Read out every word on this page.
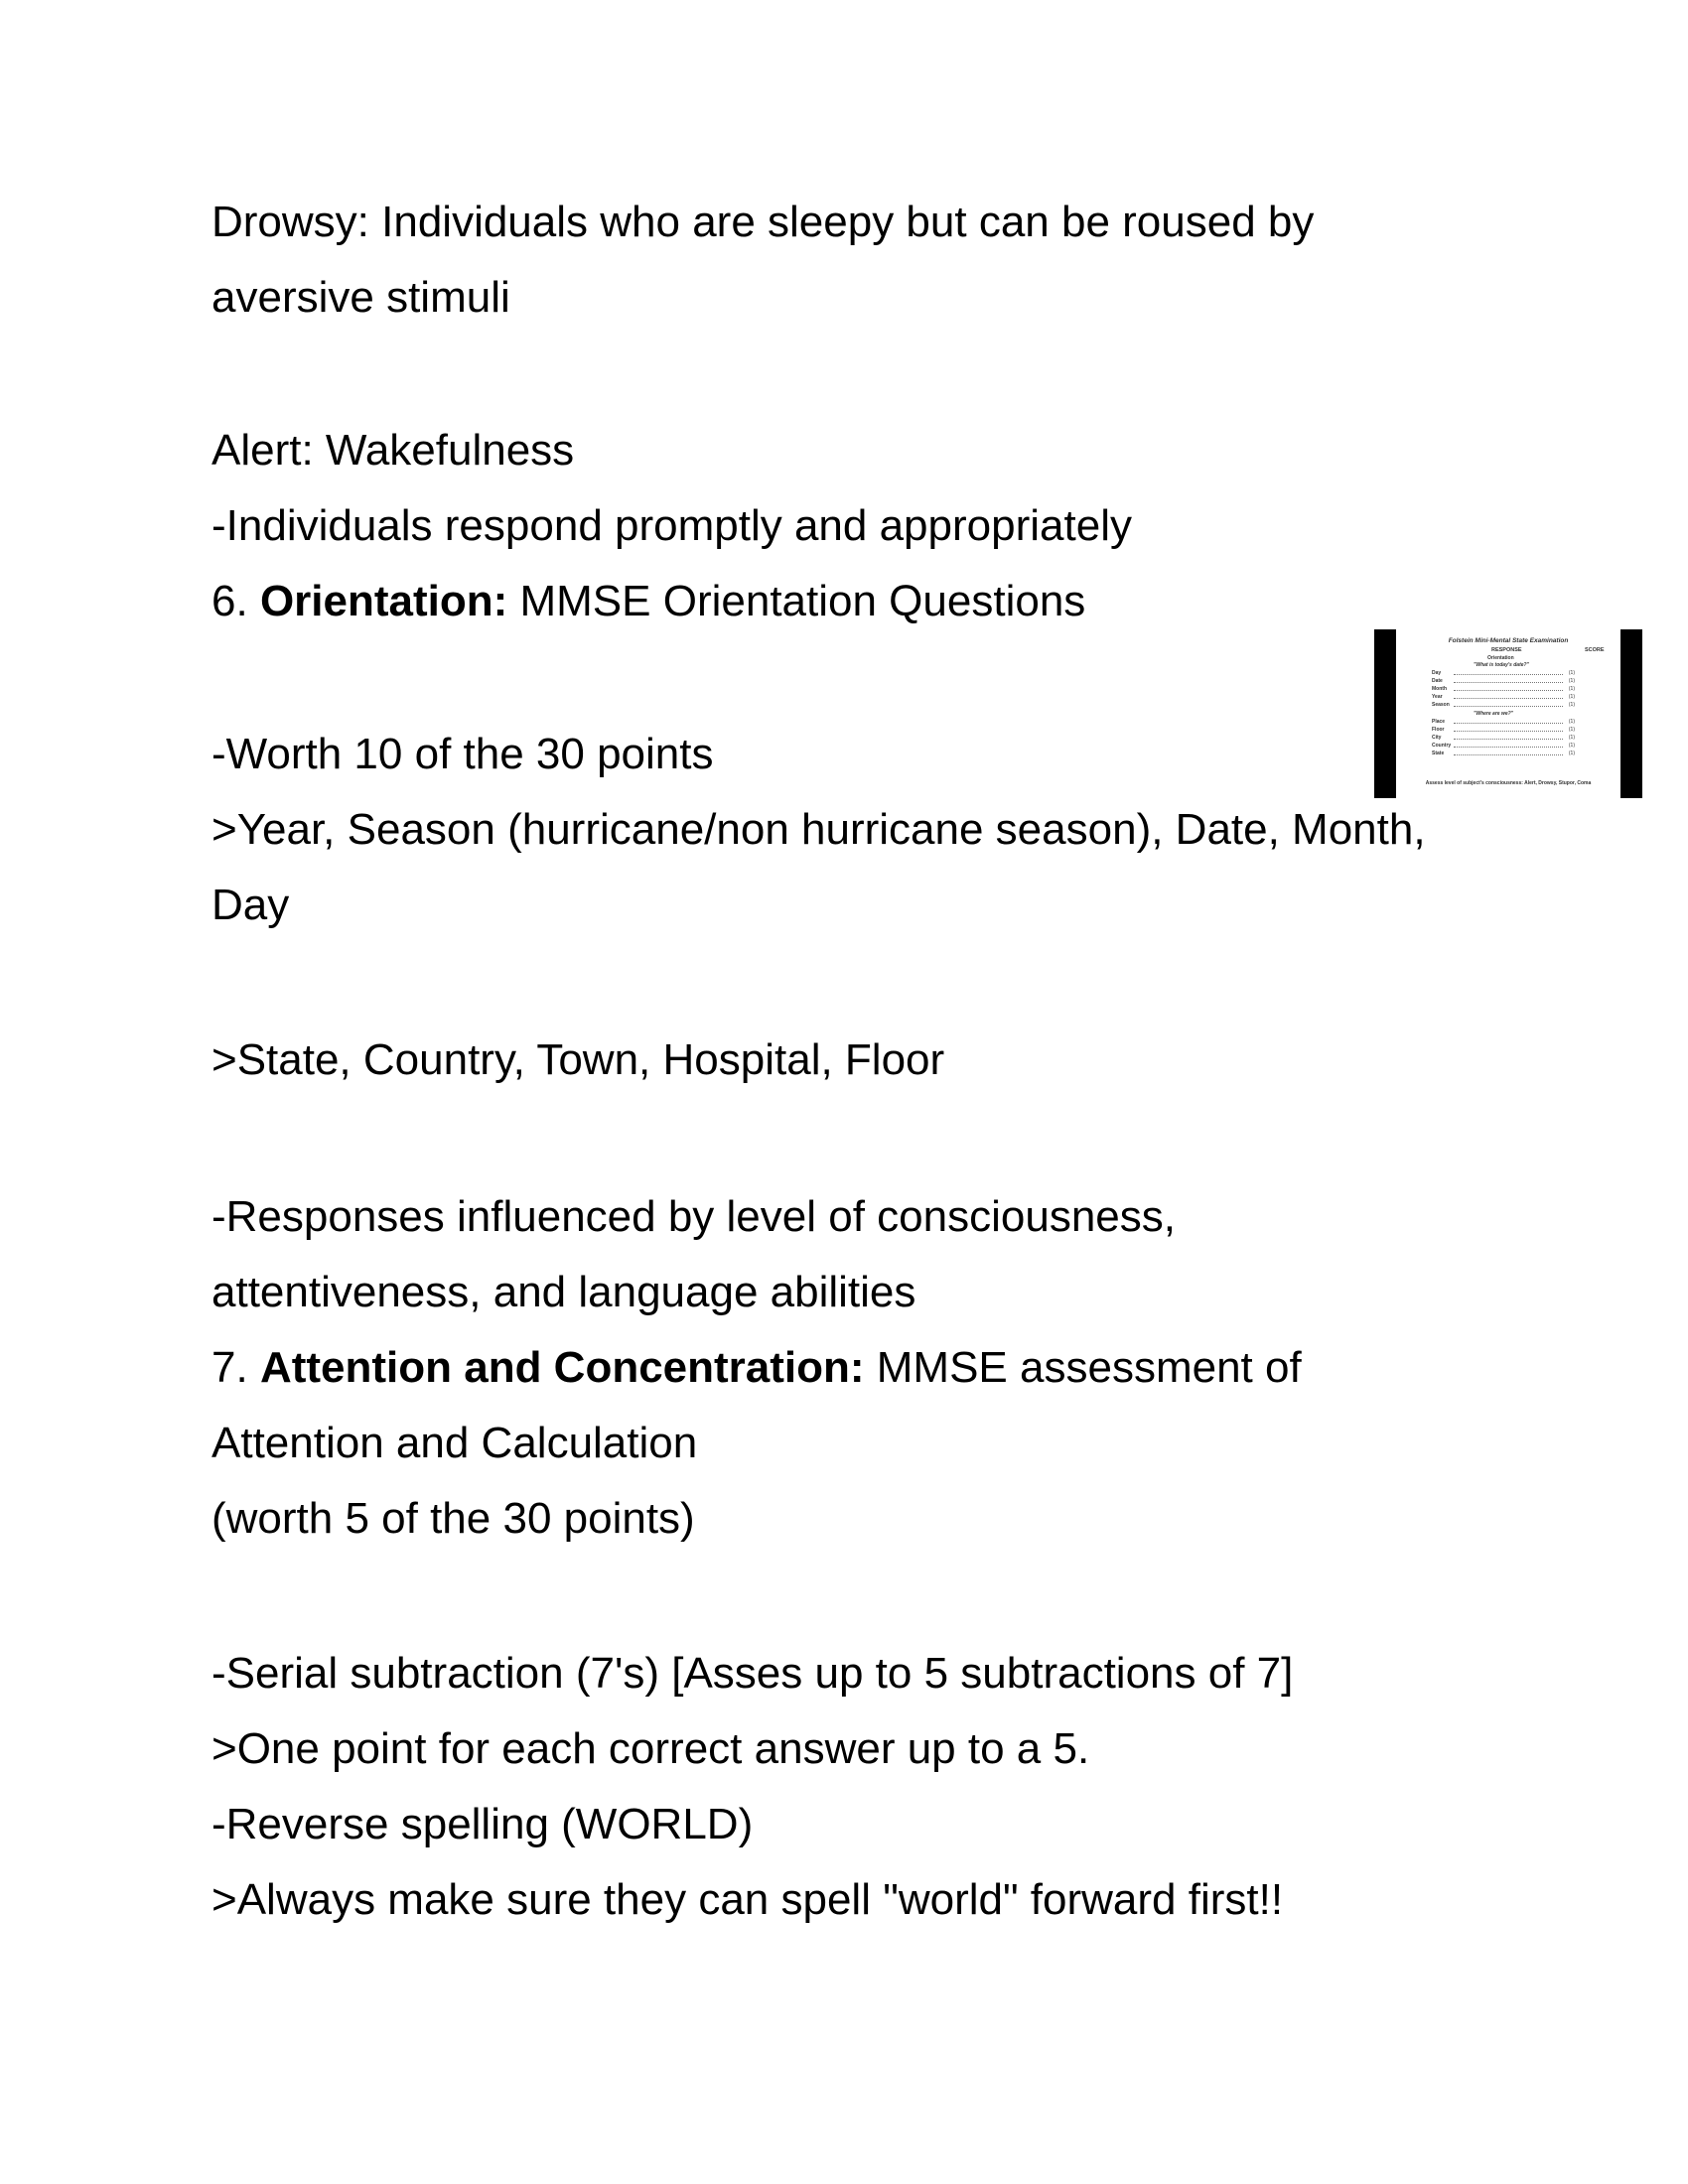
Drowsy: Individuals who are sleepy but can be roused by

aversive stimuli

Alert: Wakefulness

-Individuals respond promptly and appropriately

6. Orientation: MMSE Orientation Questions

-Worth 10 of the 30 points

>Year, Season (hurricane/non hurricane season), Date, Month,

Day

>State, Country, Town, Hospital, Floor

-Responses influenced by level of consciousness,

attentiveness, and language abilities

7. Attention and Concentration: MMSE assessment of

Attention and Calculation

(worth 5 of the 30 points)

-Serial subtraction (7's) [Asses up to 5 subtractions of 7]

>One point for each correct answer up to a 5.

-Reverse spelling (WORLD)

>Always make sure they can spell "world" forward first!!

Folstein Mini-Mental State Examination
RESPONSE	SCORE
Orientation
"What is today's date?"
Day	(1)
Date	(1)
Month	(1)
Year	(1)
Season	(1)
"Where are we?"
Place	(1)
Floor	(1)
City	(1)
Country	(1)
State	(1)
Assess level of subject's consciousness: Alert, Drowsy, Stupor, Coma
